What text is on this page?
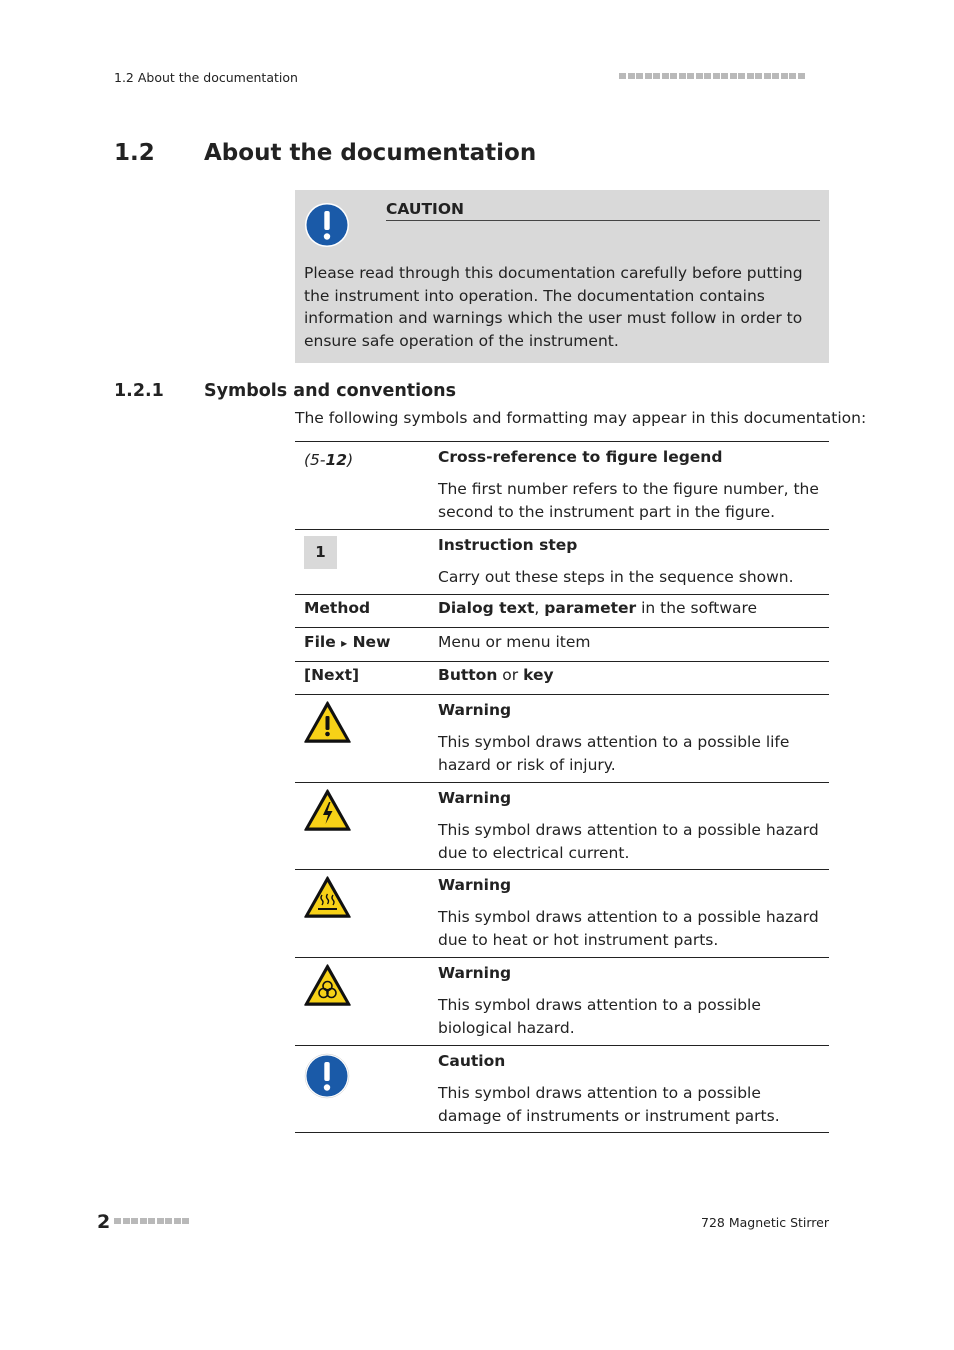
1.2 About the documentation
1.2 About the documentation
CAUTION
Please read through this documentation carefully before putting the instrument into operation. The documentation contains information and warnings which the user must follow in order to ensure safe operation of the instrument.
1.2.1 Symbols and conventions
The following symbols and formatting may appear in this documentation:
(5-12)	Cross-reference to figure legend
The first number refers to the figure number, the second to the instrument part in the figure.
1	Instruction step
Carry out these steps in the sequence shown.
Method	Dialog text, parameter in the software
File ▸ New	Menu or menu item
[Next]	Button or key
Warning
This symbol draws attention to a possible life hazard or risk of injury.
Warning
This symbol draws attention to a possible hazard due to electrical current.
Warning
This symbol draws attention to a possible hazard due to heat or hot instrument parts.
Warning
This symbol draws attention to a possible biological hazard.
Caution
This symbol draws attention to a possible damage of instruments or instrument parts.
2	728 Magnetic Stirrer
